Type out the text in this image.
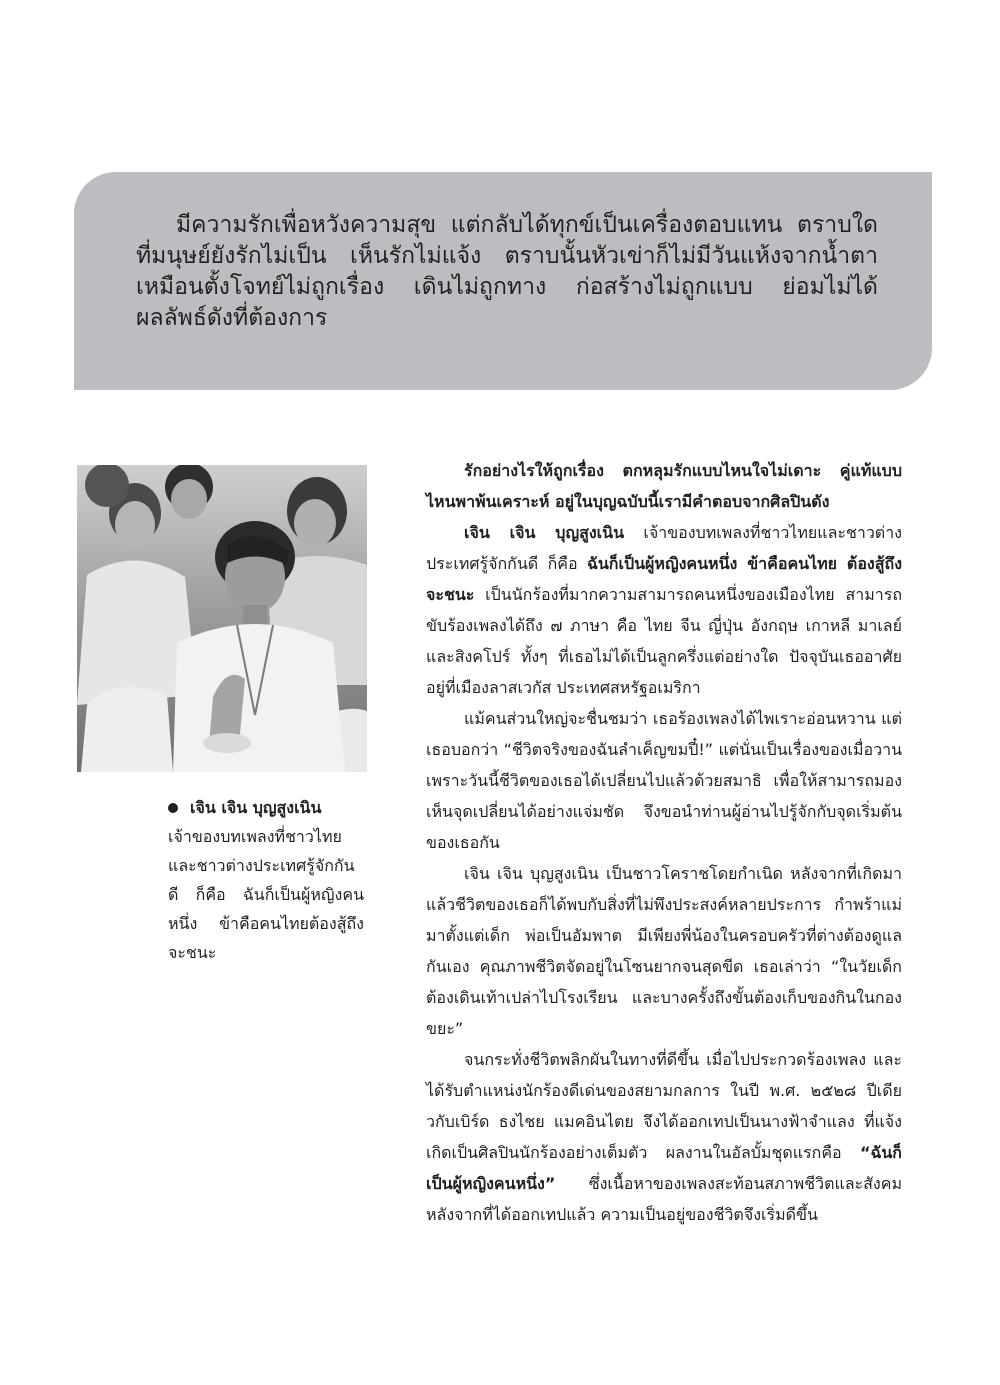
มีความรักเพื่อหวังความสุข แต่กลับได้ทุกข์เป็นเครื่องตอบแทน ตราบใดที่มนุษย์ยังรักไม่เป็น เห็นรักไม่แจ้ง ตราบนั้นหัวเข่าก็ไม่มีวันแห้งจากน้ำตา เหมือนตั้งโจทย์ไม่ถูกเรื่อง เดินไม่ถูกทาง ก่อสร้างไม่ถูกแบบ ย่อมไม่ได้ผลลัพธ์ดังที่ต้องการ

เจิน เจิน บุญสูงเนิน
เจ้าของบทเพลงที่ชาวไทยและชาวต่างประเทศรู้จักกันดี ก็คือ ฉันก็เป็นผู้หญิงคนหนึ่ง ข้าคือคนไทยต้องสู้ถึงจะชนะ

รักอย่างไรให้ถูกเรื่อง ตกหลุมรักแบบไหนใจไม่เดาะ คู่แท้แบบไหนพาพ้นเคราะห์ อยู่ในบุญฉบับนี้เรามีคำตอบจากศิลปินดัง

เจิน เจิน บุญสูงเนิน เจ้าของบทเพลงที่ชาวไทยและชาวต่างประเทศรู้จักกันดี ก็คือ ฉันก็เป็นผู้หญิงคนหนึ่ง ข้าคือคนไทย ต้องสู้ถึงจะชนะ เป็นนักร้องที่มากความสามารถคนหนึ่งของเมืองไทย สามารถขับร้องเพลงได้ถึง ๗ ภาษา คือ ไทย จีน ญี่ปุ่น อังกฤษ เกาหลี มาเลย์ และสิงคโปร์ ทั้งๆ ที่เธอไม่ได้เป็นลูกครึ่งแต่อย่างใด ปัจจุบันเธออาศัยอยู่ที่เมืองลาสเวกัส ประเทศสหรัฐอเมริกา

แม้คนส่วนใหญ่จะชื่นชมว่า เธอร้องเพลงได้ไพเราะอ่อนหวาน แต่เธอบอกว่า “ชีวิตจริงของฉันลำเค็ญขมปี๋!” แต่นั่นเป็นเรื่องของเมื่อวาน เพราะวันนี้ชีวิตของเธอได้เปลี่ยนไปแล้วด้วยสมาธิ เพื่อให้สามารถมองเห็นจุดเปลี่ยนได้อย่างแจ่มชัด จึงขอนำท่านผู้อ่านไปรู้จักกับจุดเริ่มต้นของเธอกัน

เจิน เจิน บุญสูงเนิน เป็นชาวโคราชโดยกำเนิด หลังจากที่เกิดมาแล้วชีวิตของเธอก็ได้พบกับสิ่งที่ไม่พึงประสงค์หลายประการ กำพร้าแม่มาตั้งแต่เด็ก พ่อเป็นอัมพาต มีเพียงพี่น้องในครอบครัวที่ต่างต้องดูแลกันเอง คุณภาพชีวิตจัดอยู่ในโซนยากจนสุดขีด เธอเล่าว่า “ในวัยเด็กต้องเดินเท้าเปล่าไปโรงเรียน และบางครั้งถึงขั้นต้องเก็บของกินในกองขยะ”

จนกระทั่งชีวิตพลิกผันในทางที่ดีขึ้น เมื่อไปประกวดร้องเพลง และได้รับตำแหน่งนักร้องดีเด่นของสยามกลการ ในปี พ.ศ. ๒๕๒๘ ปีเดียวกับเบิร์ด ธงไชย แมคอินไตย จึงได้ออกเทปเป็นนางฟ้าจำแลง ที่แจ้งเกิดเป็นศิลปินนักร้องอย่างเต็มตัว ผลงานในอัลบั้มชุดแรกคือ “ฉันก็เป็นผู้หญิงคนหนึ่ง” ซึ่งเนื้อหาของเพลงสะท้อนสภาพชีวิตและสังคม หลังจากที่ได้ออกเทปแล้ว ความเป็นอยู่ของชีวิตจึงเริ่มดีขึ้น
